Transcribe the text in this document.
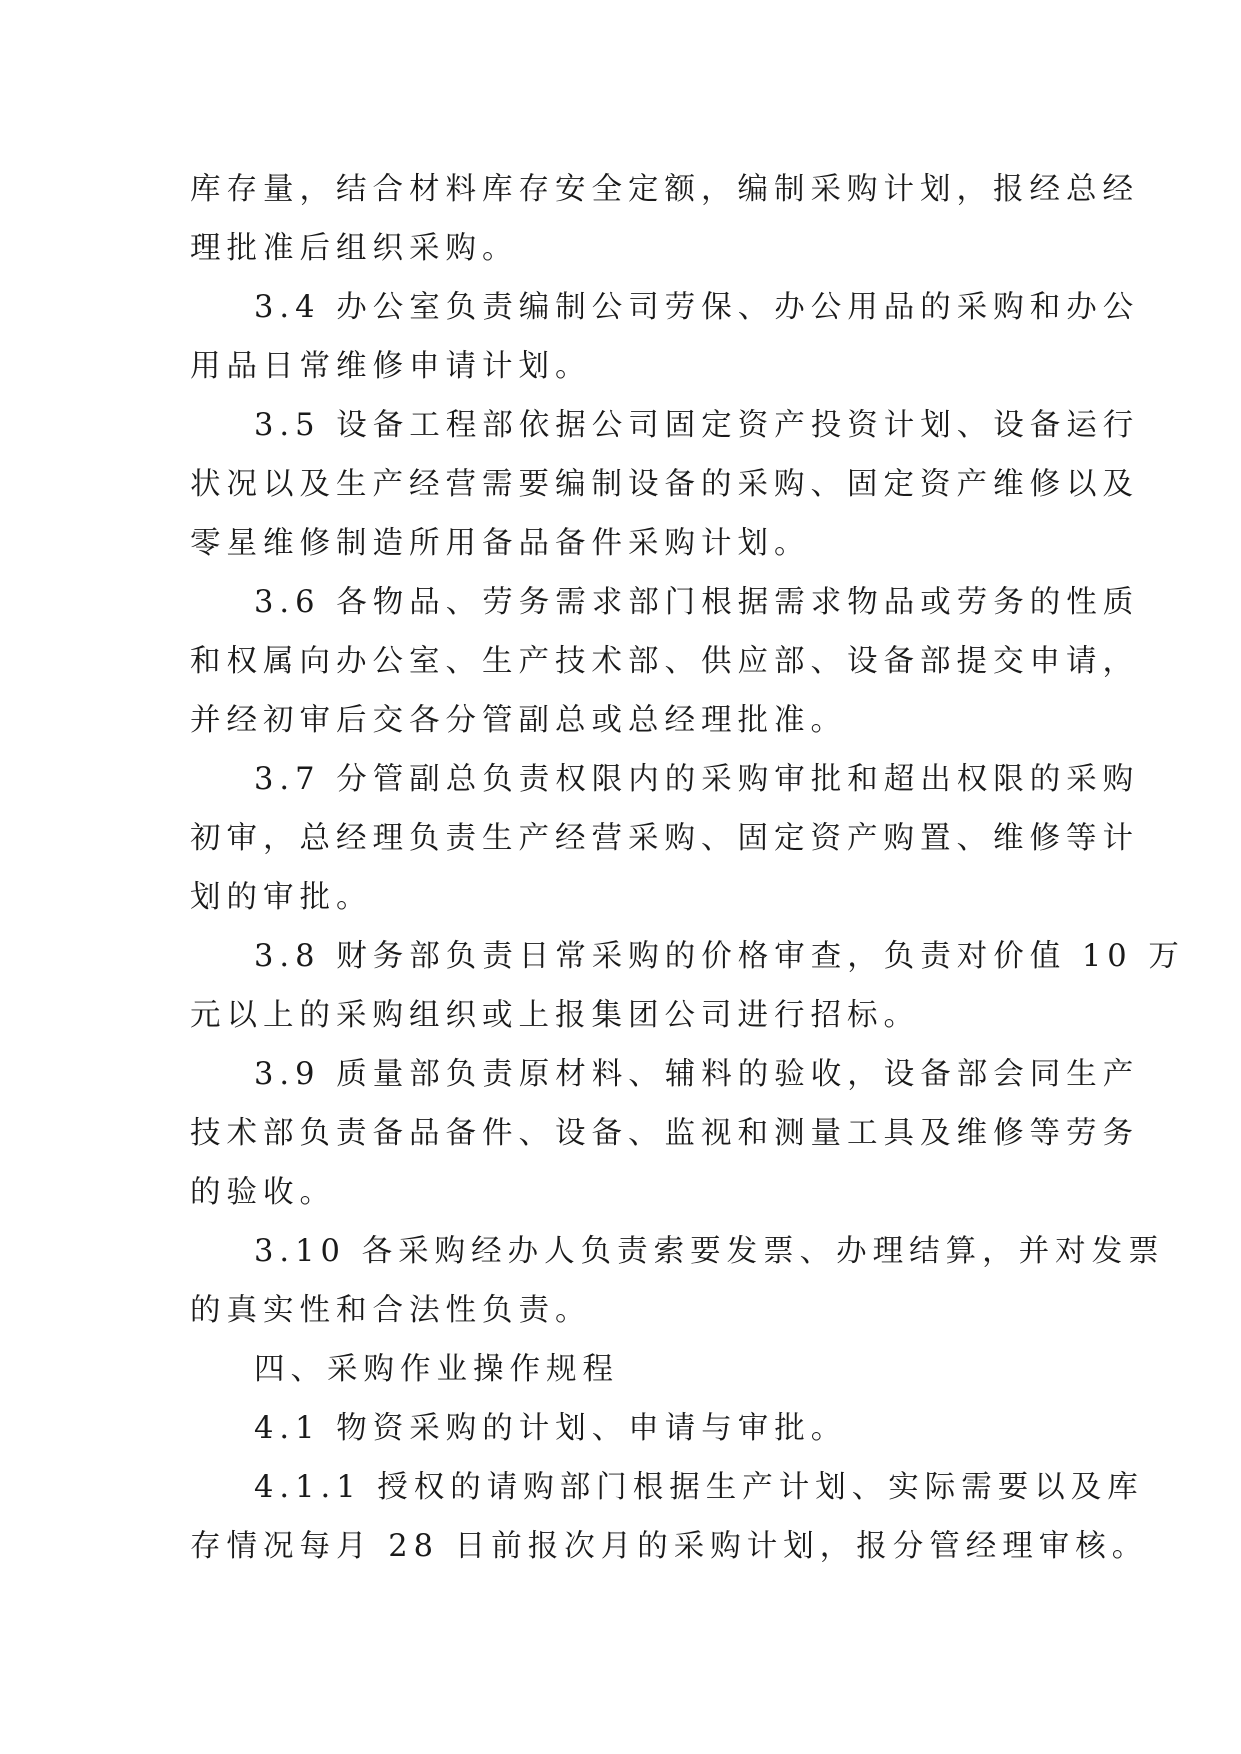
库存量，结合材料库存安全定额，编制采购计划，报经总经
理批准后组织采购。
3.4 办公室负责编制公司劳保、办公用品的采购和办公
用品日常维修申请计划。
3.5 设备工程部依据公司固定资产投资计划、设备运行
状况以及生产经营需要编制设备的采购、固定资产维修以及
零星维修制造所用备品备件采购计划。
3.6 各物品、劳务需求部门根据需求物品或劳务的性质
和权属向办公室、生产技术部、供应部、设备部提交申请，
并经初审后交各分管副总或总经理批准。
3.7 分管副总负责权限内的采购审批和超出权限的采购
初审，总经理负责生产经营采购、固定资产购置、维修等计
划的审批。
3.8 财务部负责日常采购的价格审查，负责对价值 10 万
元以上的采购组织或上报集团公司进行招标。
3.9 质量部负责原材料、辅料的验收，设备部会同生产
技术部负责备品备件、设备、监视和测量工具及维修等劳务
的验收。
3.10 各采购经办人负责索要发票、办理结算，并对发票
的真实性和合法性负责。
四、采购作业操作规程
4.1 物资采购的计划、申请与审批。
4.1.1 授权的请购部门根据生产计划、实际需要以及库
存情况每月 28 日前报次月的采购计划，报分管经理审核。
